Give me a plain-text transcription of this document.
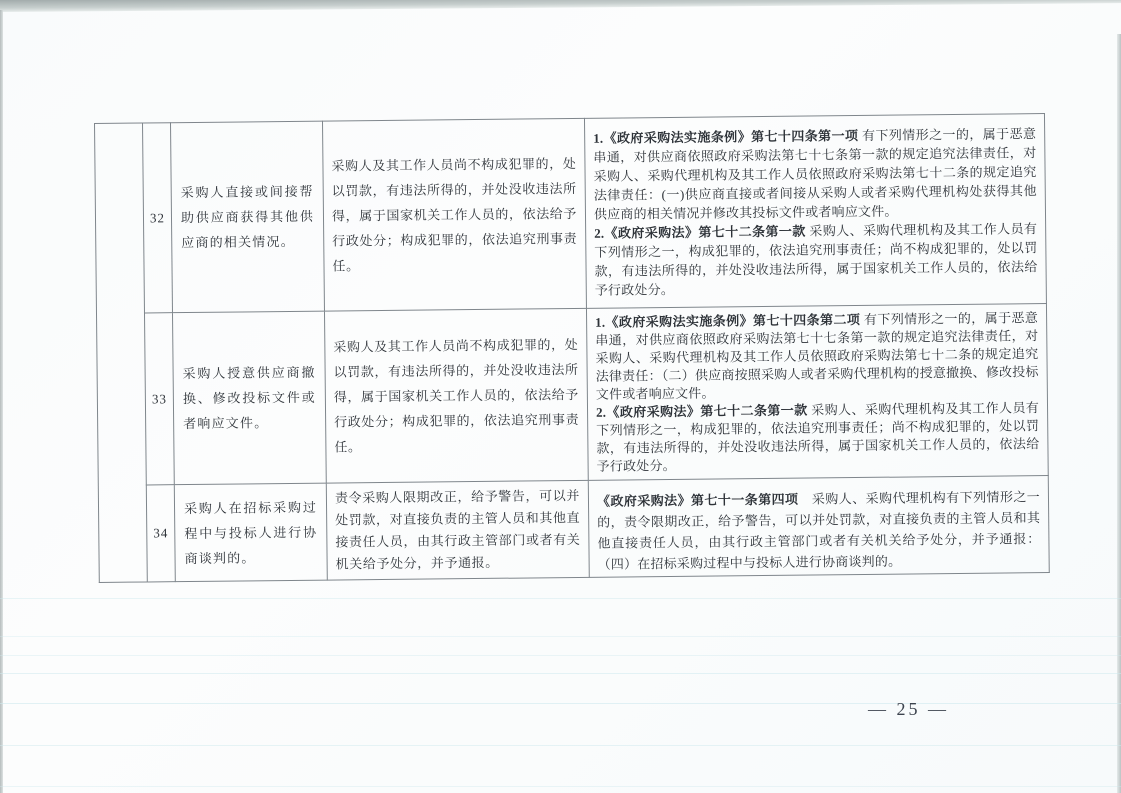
	32	采购人直接或间接帮助供应商获得其他供应商的相关情况。	采购人及其工作人员尚不构成犯罪的，处以罚款，有违法所得的，并处没收违法所得，属于国家机关工作人员的，依法给予行政处分；构成犯罪的，依法追究刑事责任。	1.《政府采购法实施条例》第七十四条第一项 有下列情形之一的，属于恶意串通，对供应商依照政府采购法第七十七条第一款的规定追究法律责任，对采购人、采购代理机构及其工作人员依照政府采购法第七十二条的规定追究法律责任：(一)供应商直接或者间接从采购人或者采购代理机构处获得其他供应商的相关情况并修改其投标文件或者响应文件。

2.《政府采购法》第七十二条第一款 采购人、采购代理机构及其工作人员有下列情形之一，构成犯罪的，依法追究刑事责任；尚不构成犯罪的，处以罚款，有违法所得的，并处没收违法所得，属于国家机关工作人员的，依法给予行政处分。

	33	采购人授意供应商撤换、修改投标文件或者响应文件。	采购人及其工作人员尚不构成犯罪的，处以罚款，有违法所得的，并处没收违法所得，属于国家机关工作人员的，依法给予行政处分；构成犯罪的，依法追究刑事责任。	1.《政府采购法实施条例》第七十四条第二项 有下列情形之一的，属于恶意串通，对供应商依照政府采购法第七十七条第一款的规定追究法律责任，对采购人、采购代理机构及其工作人员依照政府采购法第七十二条的规定追究法律责任：（二）供应商按照采购人或者采购代理机构的授意撤换、修改投标文件或者响应文件。

2.《政府采购法》第七十二条第一款 采购人、采购代理机构及其工作人员有下列情形之一，构成犯罪的，依法追究刑事责任；尚不构成犯罪的，处以罚款，有违法所得的，并处没收违法所得，属于国家机关工作人员的，依法给予行政处分。

	34	采购人在招标采购过程中与投标人进行协商谈判的。	责令采购人限期改正，给予警告，可以并处罚款，对直接负责的主管人员和其他直接责任人员，由其行政主管部门或者有关机关给予处分，并予通报。	《政府采购法》第七十一条第四项　采购人、采购代理机构有下列情形之一的，责令限期改正，给予警告，可以并处罚款，对直接负责的主管人员和其他直接责任人员，由其行政主管部门或者有关机关给予处分，并予通报：（四）在招标采购过程中与投标人进行协商谈判的。

— 25 —
